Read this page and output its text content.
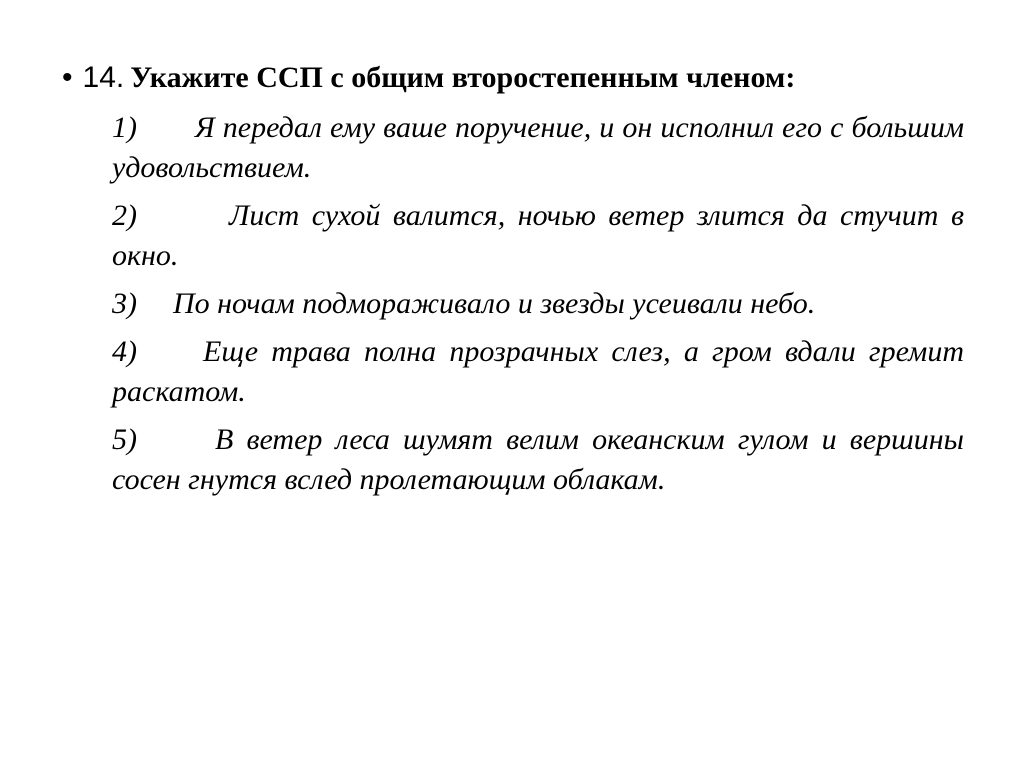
• 14. Укажите ССП с общим второстепенным членом:
1) Я передал ему ваше поручение, и он исполнил его с большим удовольствием.
2)	Лист сухой валится, ночью ветер злится да стучит в окно.
3) По ночам подмораживало и звезды усеивали небо.
4) Еще трава полна прозрачных слез, а гром вдали гремит раскатом.
5)	В ветер леса шумят велим океанским гулом и вершины сосен гнутся вслед пролетающим облакам.
